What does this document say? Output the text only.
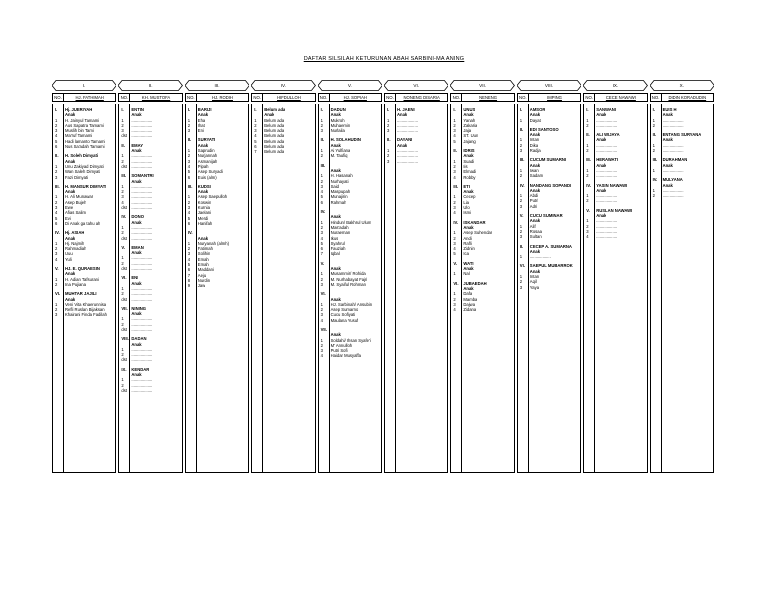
DAFTAR SILSILAH KETURUNAN ABAH SARBINI-MA ANING
I.
NO.	HJ. FATHIMAH
I.	Hj. JUERIYAH
Anak
1	H. Jainyul Tamami
2	Aus Sapatra Tamami
3	Muslih bin Tami
4	Ma'ruf Tamami
5	Hadi lamanto Tamami
6	Nus Sa'adah Tamami
II.	H. Soleh Dimyati
Anak
1	Unu Zakiyad Dimyati
2	Wan Saleh Dimyati
3	Fazi Dimyati
III.	H. MANSUR DIMYATI
Anak
1	H. Ali Munawar
2	Asep Bujeh
3	Ewe
4	Afias Salim
5	Evi
6	Di Anak ga tahu ah
IV.	Hj. ASIAH
Anak
1	Hj. Najmih
2	Rahmadiah
3	Uuu
4	Yuli
V.	HJ. E. QURAESIN
Anak
1	H. Adian Tafsurani
2	Ina Pujiana
VI.	MUHTAR JAJILI
Anak
1	Veni Vita Khaerunnisa
2	Refli Ruslan Bijaksan
3	Khairani Finda Fadilah
II.
NO.	KH. MUSTOFA
I.	ENTIN
Anak
1	..................
2	..................
3	..................
dst	..................
II.	EMAY
Anak
1	..................
2	..................
dst	..................
III.	SOMANTRI
Anak
1	..................
2	..................
3	..................
4	..................
dst	..................
IV.	DONO
Anak
1	..................
2	..................
dst	..................
V.	EMAN
Anak
1	..................
2	..................
dst	..................
VI.	ENI
Anak
1	..................
2	..................
dst	..................
VII. NINING
Anak
1	..................
2	..................
dst	..................
VIII. DADAN
Anak
1	..................
2	..................
dst	..................
IX.	KENDAR
Anak
1	..................
2	..................
dst	..................
III.
NO.	HJ. RODIH
I.	BARIJI
Anak
1	Eha
2	Ihat
3	Eni
II.	SURYATI
Anak
1	Saprudin
2	Nurjannah
3	Asmanijah
4	Pipah
5	Asep Suryadi
6	Euis (alm)
III.	KUDSI
Anak
1	Asep Saepulloh
2	Koswin
3	Kurnia
4	Jaelani
5	Merdi
6	Hanifah
IV.
Anak
1	Nuryanah (almh)
2	Fatimah
3	Solihin
4	Emah
5	Emah
6	Maddani
7	Aeju
8	Nurdin
9	Jaw
IV.
NO.	HIFDULLOH
I.	Belum ada
Anak
1	Belum ada
2	Belum ada
3	Belum ada
4	Belum ada
5	Belum ada
6	Belum ada
7	Belum ada
V.
NO.	HJ. SOPIAH
I.	DADUN
Anak
1	Mukroh
2	Muhaemin
3	Nurlaila
II.	H. SOLAHUDIN
Anak
1	Ai Yulfiana
2	M. Taufiq
III.
Anak
1	H. Hasanah
2	Nurhayati
3	Said
4	Maspupah
5	Munajirin
6	Rahmah
IV.
Anak
1	Hindun/ Bakhrul Ulum
2	Mas'adah
3	Nuraeman
4	Ikus
5	Syahrul
6	Fauziah
7	Iqbal
V.
Anak
1	Musammir/ Rohida
2	M. Nurhabayat Fajri
3	M. Syaiful Rohman
VI.
Anak
1	HJ. Sarbinah/ Ansubin
2	Asep Sumarno
3	Cucu Sofiyati
4	Maulana Yusuf
VII.
Anak
1	Soldahi/ Ihsan Syafe'i
2	M' Annulloh
3	Putri Sofi
4	Haidar Musyaffa
VI.
NO.	NONENG DISARIA
I.	H. JAENI
Anak
1	..................
2	..................
3	..................
II.	DAYANI
Anak
1	..................
2	..................
3	..................
VII.
NO.	NENENG
I.	UNUS
Anak
1	Yanah
2	Zakaria
3	Jaja
4	ST. Uun
5	Jajang
II.	IDRIS
Anak
1	Suadi
2	Iis
3	Elmadi
4	Robby
III.	ETI
Anak
1	Cecep
2	Lia
3	Ulo
4	Ismi
IV.	ISKANDAR
Anak
1	Asep Suhendar
2	Andi
3	Rafli
4	Zidnin
5	Ica
V.	WATI
Anak
1	Nal
VI.	JUBAEDAH
Anak
1	Dafa
2	Mamba
3	Dajwa
4	Zidana
VIII.
NO.	IMPING
I.	AMSOR
Anak
1	Dayat
II.	EDI SANTOSO
Anak
1	Intan
2	Dika
3	Radja
III.	CUCUM SUMARNI
Anak
1	Iwan
2	Sadam
IV.	NANDANG SOPANDI
Anak
1	Abdi
2	Putri
3	Adri
V.	CUCU SUMINAR
Anak
1	Alif
2	Rosaa
3	Sultan
II.	CECEP A. SUMARNA
Anak
1	..................
VI.	SAEPUL MUBARROK
Anak
1	Intan
2	Aqil
3	Yaya
IX.
NO.	CECE NAWAWI
I.	SANWANI
Anak
1	..................
2	..................
II.	ALI WIJAYA
Anak
1	..................
2	..................
III.	HERAWATI
Anak
1	..................
2	..................
IV.	YASIN NAWAWI
Anak
1	..................
2	..................
V.	RUSLAN NAWAWI
Anak
1	..................
2	..................
3	..................
4	..................
X.
NO.	DIDIN KORADUDIN
I.	EUIS H
Anak
1	..................
2	..................
II.	ENTANG SURYANA
Anak
1	..................
2	..................
III.	DURAHMAN
Anak
1	..................
IV.	MULYANA
Anak
1	..................
2	..................
